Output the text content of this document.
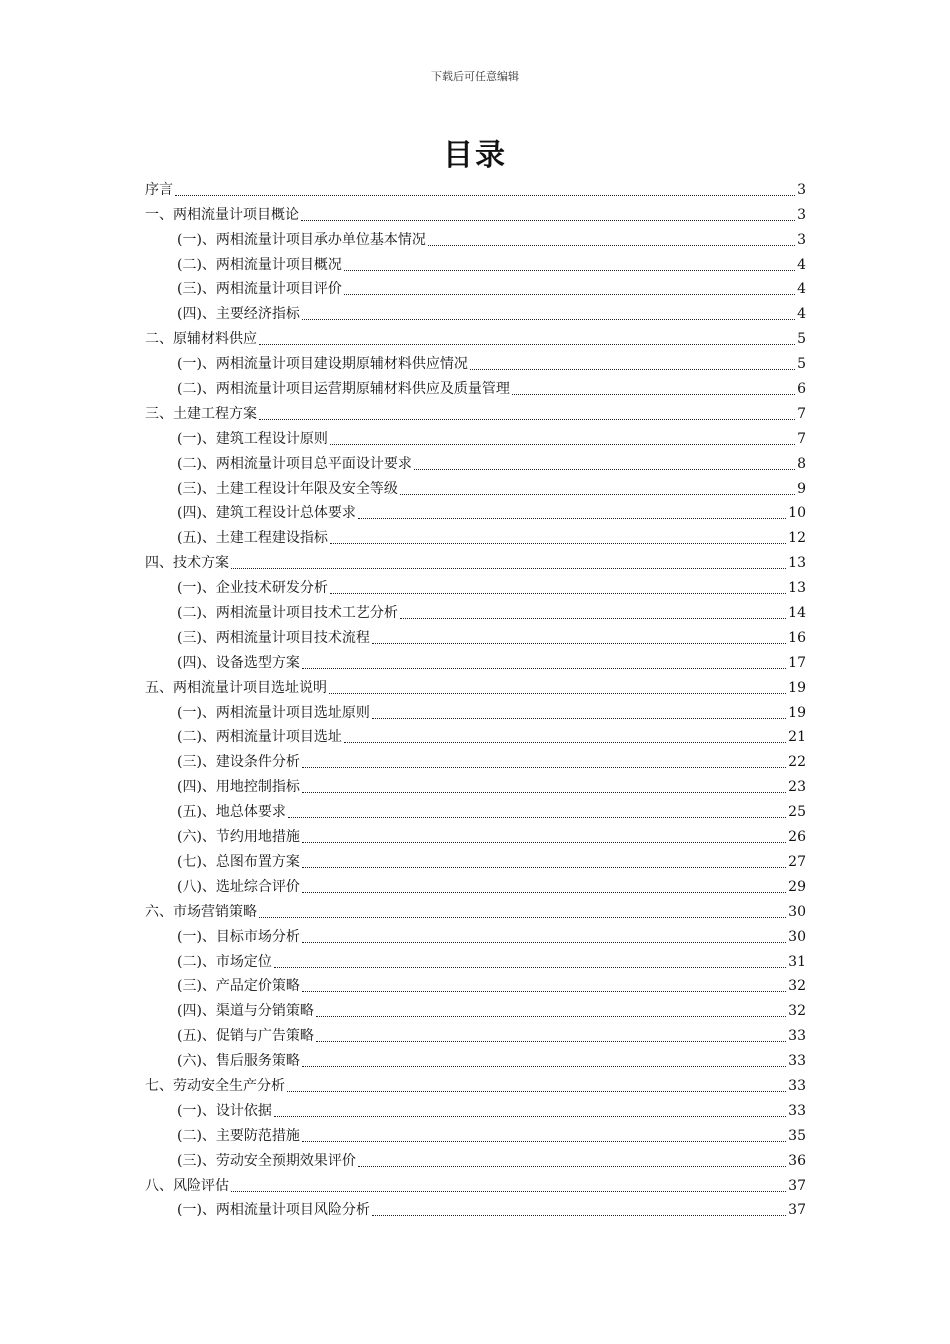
下载后可任意编辑
目录
序言	3
一、两相流量计项目概论	3
(一)、两相流量计项目承办单位基本情况	3
(二)、两相流量计项目概况	4
(三)、两相流量计项目评价	4
(四)、主要经济指标	4
二、原辅材料供应	5
(一)、两相流量计项目建设期原辅材料供应情况	5
(二)、两相流量计项目运营期原辅材料供应及质量管理	6
三、土建工程方案	7
(一)、建筑工程设计原则	7
(二)、两相流量计项目总平面设计要求	8
(三)、土建工程设计年限及安全等级	9
(四)、建筑工程设计总体要求	10
(五)、土建工程建设指标	12
四、技术方案	13
(一)、企业技术研发分析	13
(二)、两相流量计项目技术工艺分析	14
(三)、两相流量计项目技术流程	16
(四)、设备选型方案	17
五、两相流量计项目选址说明	19
(一)、两相流量计项目选址原则	19
(二)、两相流量计项目选址	21
(三)、建设条件分析	22
(四)、用地控制指标	23
(五)、地总体要求	25
(六)、节约用地措施	26
(七)、总图布置方案	27
(八)、选址综合评价	29
六、市场营销策略	30
(一)、目标市场分析	30
(二)、市场定位	31
(三)、产品定价策略	32
(四)、渠道与分销策略	32
(五)、促销与广告策略	33
(六)、售后服务策略	33
七、劳动安全生产分析	33
(一)、设计依据	33
(二)、主要防范措施	35
(三)、劳动安全预期效果评价	36
八、风险评估	37
(一)、两相流量计项目风险分析	37
